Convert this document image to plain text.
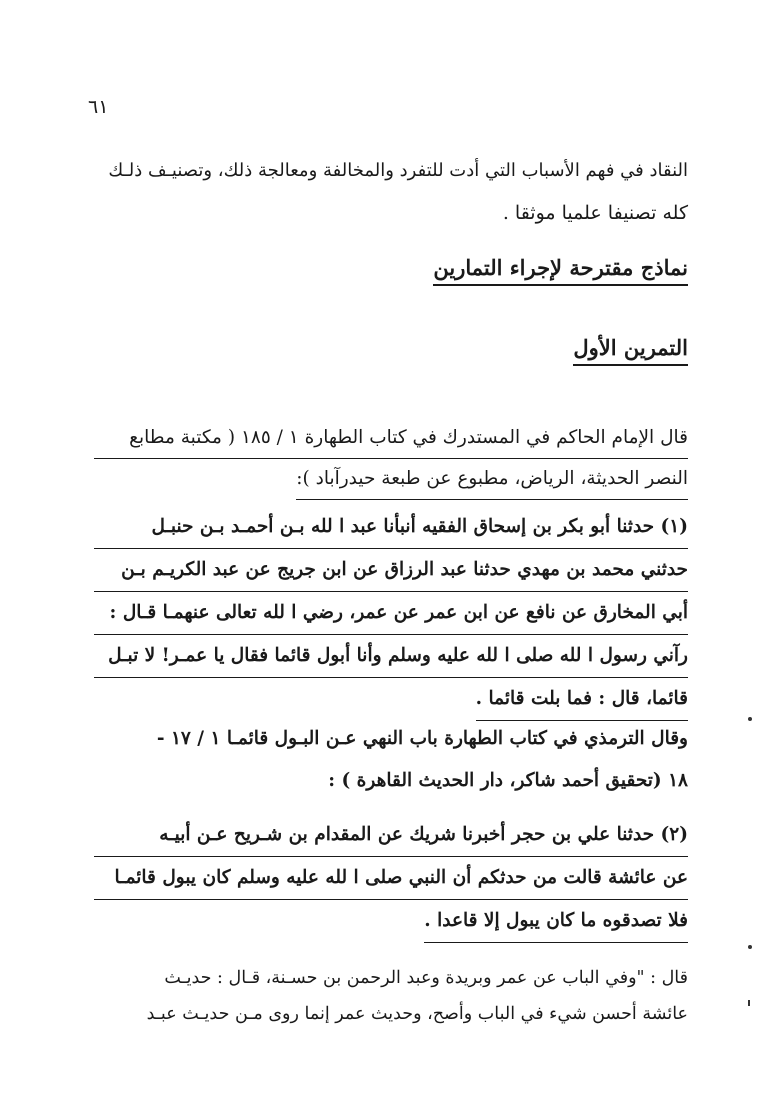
٦١
النقاد في فهم الأسباب التي أدت للتفرد والمخالفة ومعالجة ذلك، وتصنيـف ذلـك
كله تصنيفا علميا موثقا .
نماذج مقترحة لإجراء التمارين
التمرين الأول
قال الإمام الحاكم في المستدرك في كتاب الطهارة ١ / ١٨٥ ( مكتبة مطابع
النصر الحديثة، الرياض، مطبوع عن طبعة حيدرآباد ):
(١) حدثنا أبو بكر بن إسحاق الفقيه أنبأنا عبد ا لله بـن أحمـد بـن حنبـل
حدثني محمد بن مهدي حدثنا عبد الرزاق عن ابن جريج عن عبد الكريـم بـن
أبي المخارق عن نافع عن ابن عمر عن عمر، رضي ا لله تعالى عنهمـا قـال :
رآني رسول ا لله صلى ا لله عليه وسلم وأنا أبول قائما فقال يا عمـر! لا تبـل
قائما، قال : فما بلت قائما .
وقال الترمذي في كتاب الطهارة باب النهي عـن البـول قائمـا ١ / ١٧ -
١٨ (تحقيق أحمد شاكر، دار الحديث القاهرة ) :
(٢) حدثنا علي بن حجر أخبرنا شريك عن المقدام بن شـريح عـن أبيـه
عن عائشة قالت من حدثكم أن النبي صلى ا لله عليه وسلم كان يبول قائمـا
فلا تصدقوه ما كان يبول إلا قاعدا .
قال : "وفي الباب عن عمر وبريدة وعبد الرحمن بن حسـنة، قـال : حديـث
عائشة أحسن شيء في الباب وأصح، وحديث عمر إنما روى مـن حديـث عبـد
